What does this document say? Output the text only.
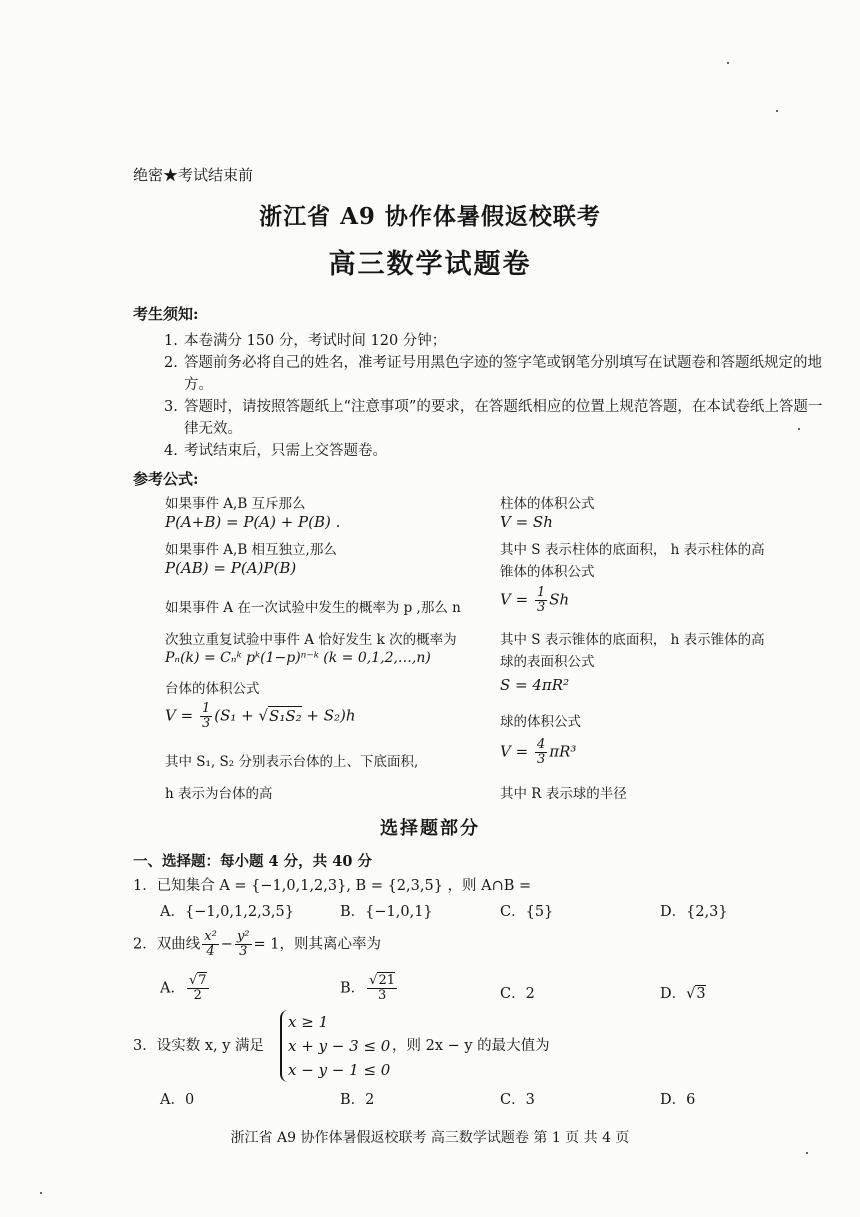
绝密★考试结束前
浙江省 A9 协作体暑假返校联考
高三数学试题卷
考生须知:
1. 本卷满分 150 分，考试时间 120 分钟；
2. 答题前务必将自己的姓名，准考证号用黑色字迹的签字笔或钢笔分别填写在试题卷和答题纸规定的地方。
3. 答题时，请按照答题纸上“注意事项”的要求，在答题纸相应的位置上规范答题，在本试卷纸上答题一律无效。
4. 考试结束后，只需上交答题卷。
参考公式:
如果事件 A,B 互斥那么
P(A+B) = P(A) + P(B) .
如果事件 A,B 相互独立,那么
P(AB) = P(A)P(B)
如果事件 A 在一次试验中发生的概率为 p ,那么 n
次独立重复试验中事件 A 恰好发生 k 次的概率为
Pₙ(k) = Cₙᵏ pᵏ(1−p)ⁿ⁻ᵏ (k = 0,1,2,…,n)
台体的体积公式
$V = \frac{1}{3} (S_1 + √S_1S_2 + S_2)h$
其中 S₁, S₂ 分别表示台体的上、下底面积,
h 表示为台体的高
柱体的体积公式
V = Sh
其中 S 表示柱体的底面积， h 表示柱体的高
锥体的体积公式
$V = \frac{1}{3}$ Sh
其中 S 表示锥体的底面积， h 表示锥体的高
球的表面积公式
S = 4πR²
球的体积公式
$V = \frac{4}{3} \pi R^3$
其中 R 表示球的半径
选择题部分
一、选择题：每小题 4 分，共 40 分
1．已知集合 A = {−1,0,1,2,3}, B = {2,3,5} ，则 A∩B =
A．{−1,0,1,2,3,5}	B．{−1,0,1}	C．{5}	D．{2,3}
2．双曲线 $\frac{\text{x²}}{4} - \frac{\text{y²}}{3} = 1$，则其离心率为
A． $\frac{√7}{2}$	B． $\frac{√21}{3}$	C．2	D．√3
3．设实数 x, y 满足
x ≥ 1
x + y − 3 ≤ 0
x − y − 1 ≤ 0
，则 2x − y 的最大值为
A．0	B．2	C．3	D．6
浙江省 A9 协作体暑假返校联考 高三数学试题卷 第 1 页 共 4 页
